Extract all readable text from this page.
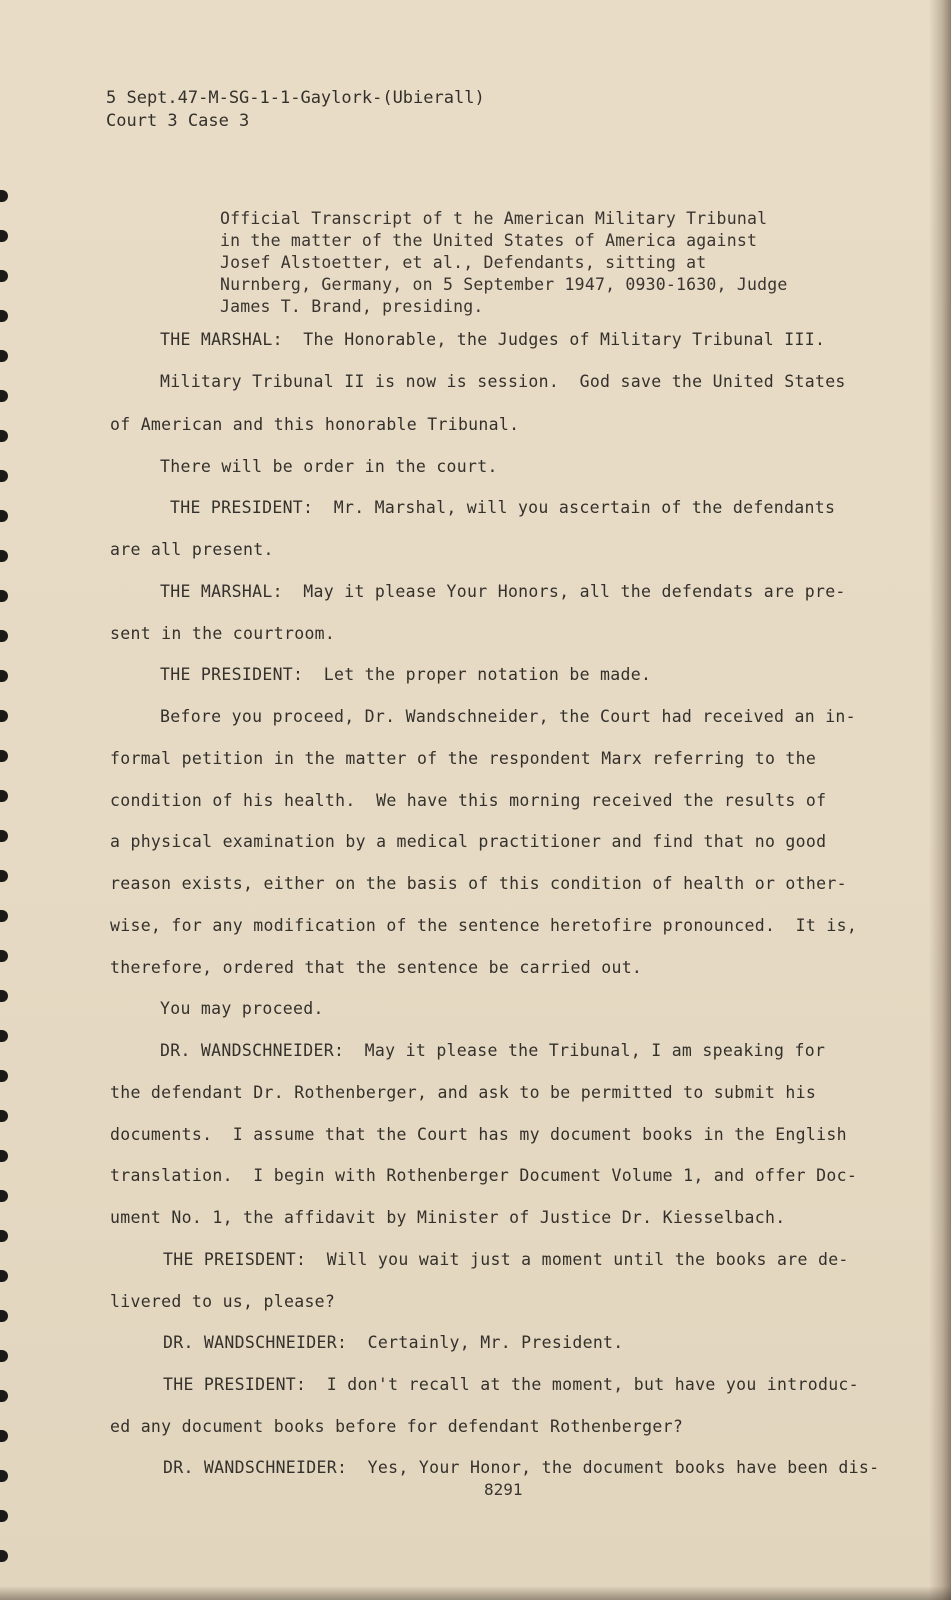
5 Sept.47-M-SG-1-1-Gaylork-(Ubierall)
Court 3 Case 3
Official Transcript of t he American Military Tribunal
in the matter of the United States of America against
Josef Alstoetter, et al., Defendants, sitting at
Nurnberg, Germany, on 5 September 1947, 0930-1630, Judge
James T. Brand, presiding.
THE MARSHAL:  The Honorable, the Judges of Military Tribunal III.
Military Tribunal II is now is session.  God save the United States
of American and this honorable Tribunal.
There will be order in the court.
THE PRESIDENT:  Mr. Marshal, will you ascertain of the defendants
are all present.
THE MARSHAL:  May it please Your Honors, all the defendats are pre-
sent in the courtroom.
THE PRESIDENT:  Let the proper notation be made.
Before you proceed, Dr. Wandschneider, the Court had received an in-
formal petition in the matter of the respondent Marx referring to the
condition of his health.  We have this morning received the results of
a physical examination by a medical practitioner and find that no good
reason exists, either on the basis of this condition of health or other-
wise, for any modification of the sentence heretofire pronounced.  It is,
therefore, ordered that the sentence be carried out.
You may proceed.
DR. WANDSCHNEIDER:  May it please the Tribunal, I am speaking for
the defendant Dr. Rothenberger, and ask to be permitted to submit his
documents.  I assume that the Court has my document books in the English
translation.  I begin with Rothenberger Document Volume 1, and offer Doc-
ument No. 1, the affidavit by Minister of Justice Dr. Kiesselbach.
THE PREISDENT:  Will you wait just a moment until the books are de-
livered to us, please?
DR. WANDSCHNEIDER:  Certainly, Mr. President.
THE PRESIDENT:  I don't recall at the moment, but have you introduc-
ed any document books before for defendant Rothenberger?
DR. WANDSCHNEIDER:  Yes, Your Honor, the document books have been dis-
8291
